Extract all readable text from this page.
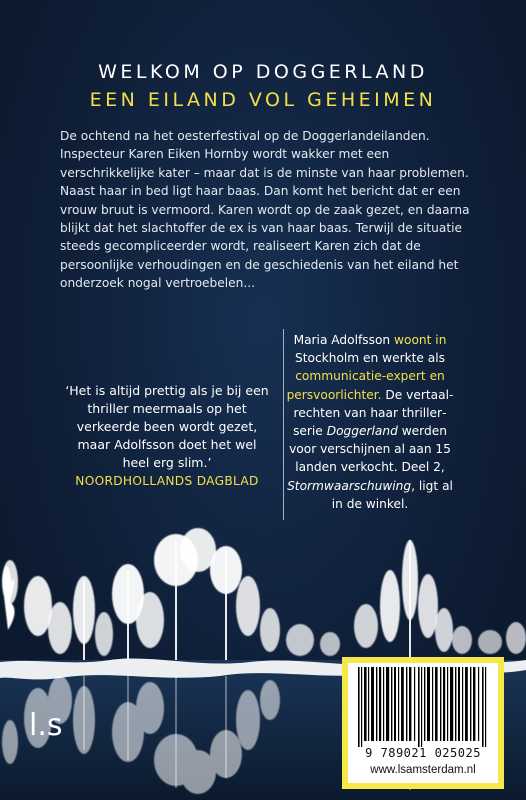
WELKOM OP DOGGERLAND
EEN EILAND VOL GEHEIMEN

De ochtend na het oesterfestival op de Doggerlandeilanden. Inspecteur Karen Eiken Hornby wordt wakker met een verschrikkelijke kater – maar dat is de minste van haar problemen. Naast haar in bed ligt haar baas. Dan komt het bericht dat er een vrouw bruut is vermoord. Karen wordt op de zaak gezet, en daarna blijkt dat het slachtoffer de ex is van haar baas. Terwijl de situatie steeds gecompliceerder wordt, realiseert Karen zich dat de persoonlijke verhoudingen en de geschiedenis van het eiland het onderzoek nogal vertroebelen...

‘Het is altijd prettig als je bij een thriller meermaals op het verkeerde been wordt gezet, maar Adolfsson doet het wel heel erg slim.’
NOORDHOLLANDS DAGBLAD
Maria Adolfsson woont in Stockholm en werkte als communicatie-expert en persvoorlichter. De vertaalrechten van haar thrillerserie Doggerland werden voor verschijnen al aan 15 landen verkocht. Deel 2, Stormwaarschuwing, ligt al in de winkel.
l.s
9 789021 025025
www.lsamsterdam.nl
